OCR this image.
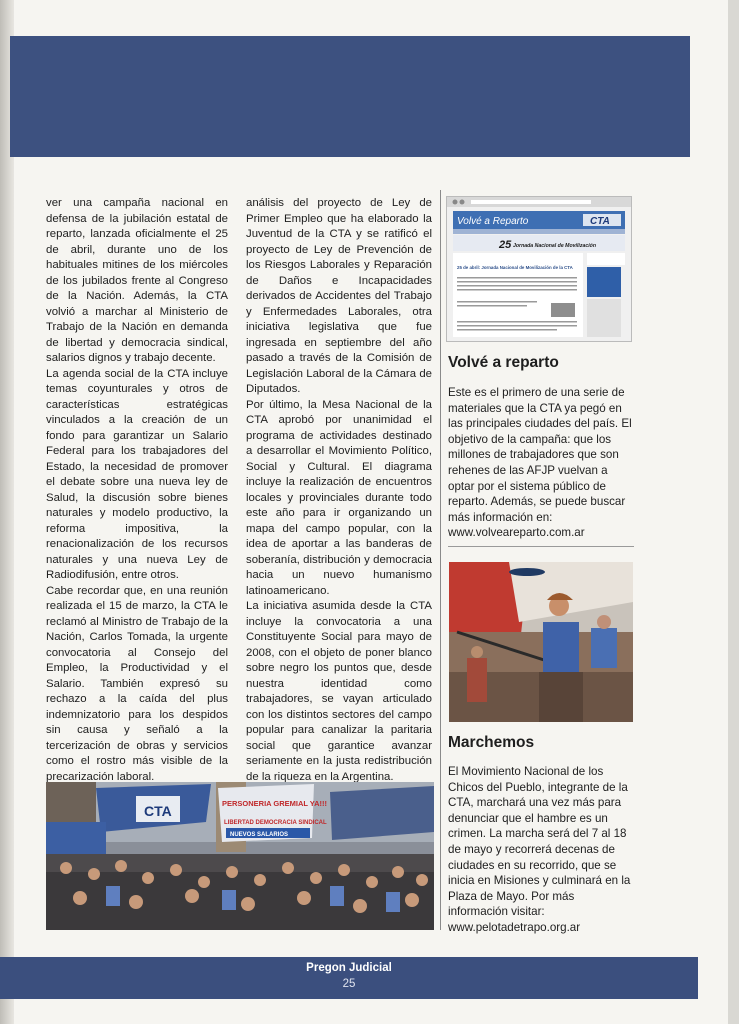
ver una campaña nacional en defensa de la jubilación estatal de reparto, lanzada oficialmente el 25 de abril, durante uno de los habituales mitines de los miércoles de los jubilados frente al Congreso de la Nación. Además, la CTA volvió a marchar al Ministerio de Trabajo de la Nación en demanda de libertad y democracia sindical, salarios dignos y trabajo decente.

La agenda social de la CTA incluye temas coyunturales y otros de características estratégicas vinculados a la creación de un fondo para garantizar un Salario Federal para los trabajadores del Estado, la necesidad de promover el debate sobre una nueva ley de Salud, la discusión sobre bienes naturales y modelo productivo, la reforma impositiva, la renacionalización de los recursos naturales y una nueva Ley de Radiodifusión, entre otros.

Cabe recordar que, en una reunión realizada el 15 de marzo, la CTA le reclamó al Ministro de Trabajo de la Nación, Carlos Tomada, la urgente convocatoria al Consejo del Empleo, la Productividad y el Salario. También expresó su rechazo a la caída del plus indemnizatorio para los despidos sin causa y señaló a la tercerización de obras y servicios como el rostro más visible de la precarización laboral.

análisis del proyecto de Ley de Primer Empleo que ha elaborado la Juventud de la CTA y se ratificó el proyecto de Ley de Prevención de los Riesgos Laborales y Reparación de Daños e Incapacidades derivados de Accidentes del Trabajo y Enfermedades Laborales, otra iniciativa legislativa que fue ingresada en septiembre del año pasado a través de la Comisión de Legislación Laboral de la Cámara de Diputados.

Por último, la Mesa Nacional de la CTA aprobó por unanimidad el programa de actividades destinado a desarrollar el Movimiento Político, Social y Cultural. El diagrama incluye la realización de encuentros locales y provinciales durante todo este año para ir organizando un mapa del campo popular, con la idea de aportar a las banderas de soberanía, distribución y democracia hacia un nuevo humanismo latinoamericano.

La iniciativa asumida desde la CTA incluye la convocatoria a una Constituyente Social para mayo de 2008, con el objeto de poner blanco sobre negro los puntos que, desde nuestra identidad como trabajadores, se vayan articulado con los distintos sectores del campo popular para canalizar la paritaria social que garantice avanzar seriamente en la justa redistribución de la riqueza en la Argentina.

CTA	PERSONERIA GREMIAL YA!!!
LIBERTAD DEMOCRACIA SINDICAL
NUEVOS SALARIOS
Volvé a Reparto	CTA
25 Jornada Nacional de Movilización
25 de abril: Jornada Nacional de Movilización de la CTA
Volvé a reparto

Este es el primero de una serie de materiales que la CTA ya pegó en las principales ciudades del país. El objetivo de la campaña: que los millones de trabajadores que son rehenes de las AFJP vuelvan a optar por el sistema público de reparto. Además, se puede buscar más información en: www.volveareparto.com.ar

Marchemos

El Movimiento Nacional de los Chicos del Pueblo, integrante de la CTA, marchará una vez más para denunciar que el hambre es un crimen. La marcha será del 7 al 18 de mayo y recorrerá decenas de ciudades en su recorrido, que se inicia en Misiones y culminará en la Plaza de Mayo. Por más información visitar: www.pelotadetrapo.org.ar

Pregon Judicial
25
